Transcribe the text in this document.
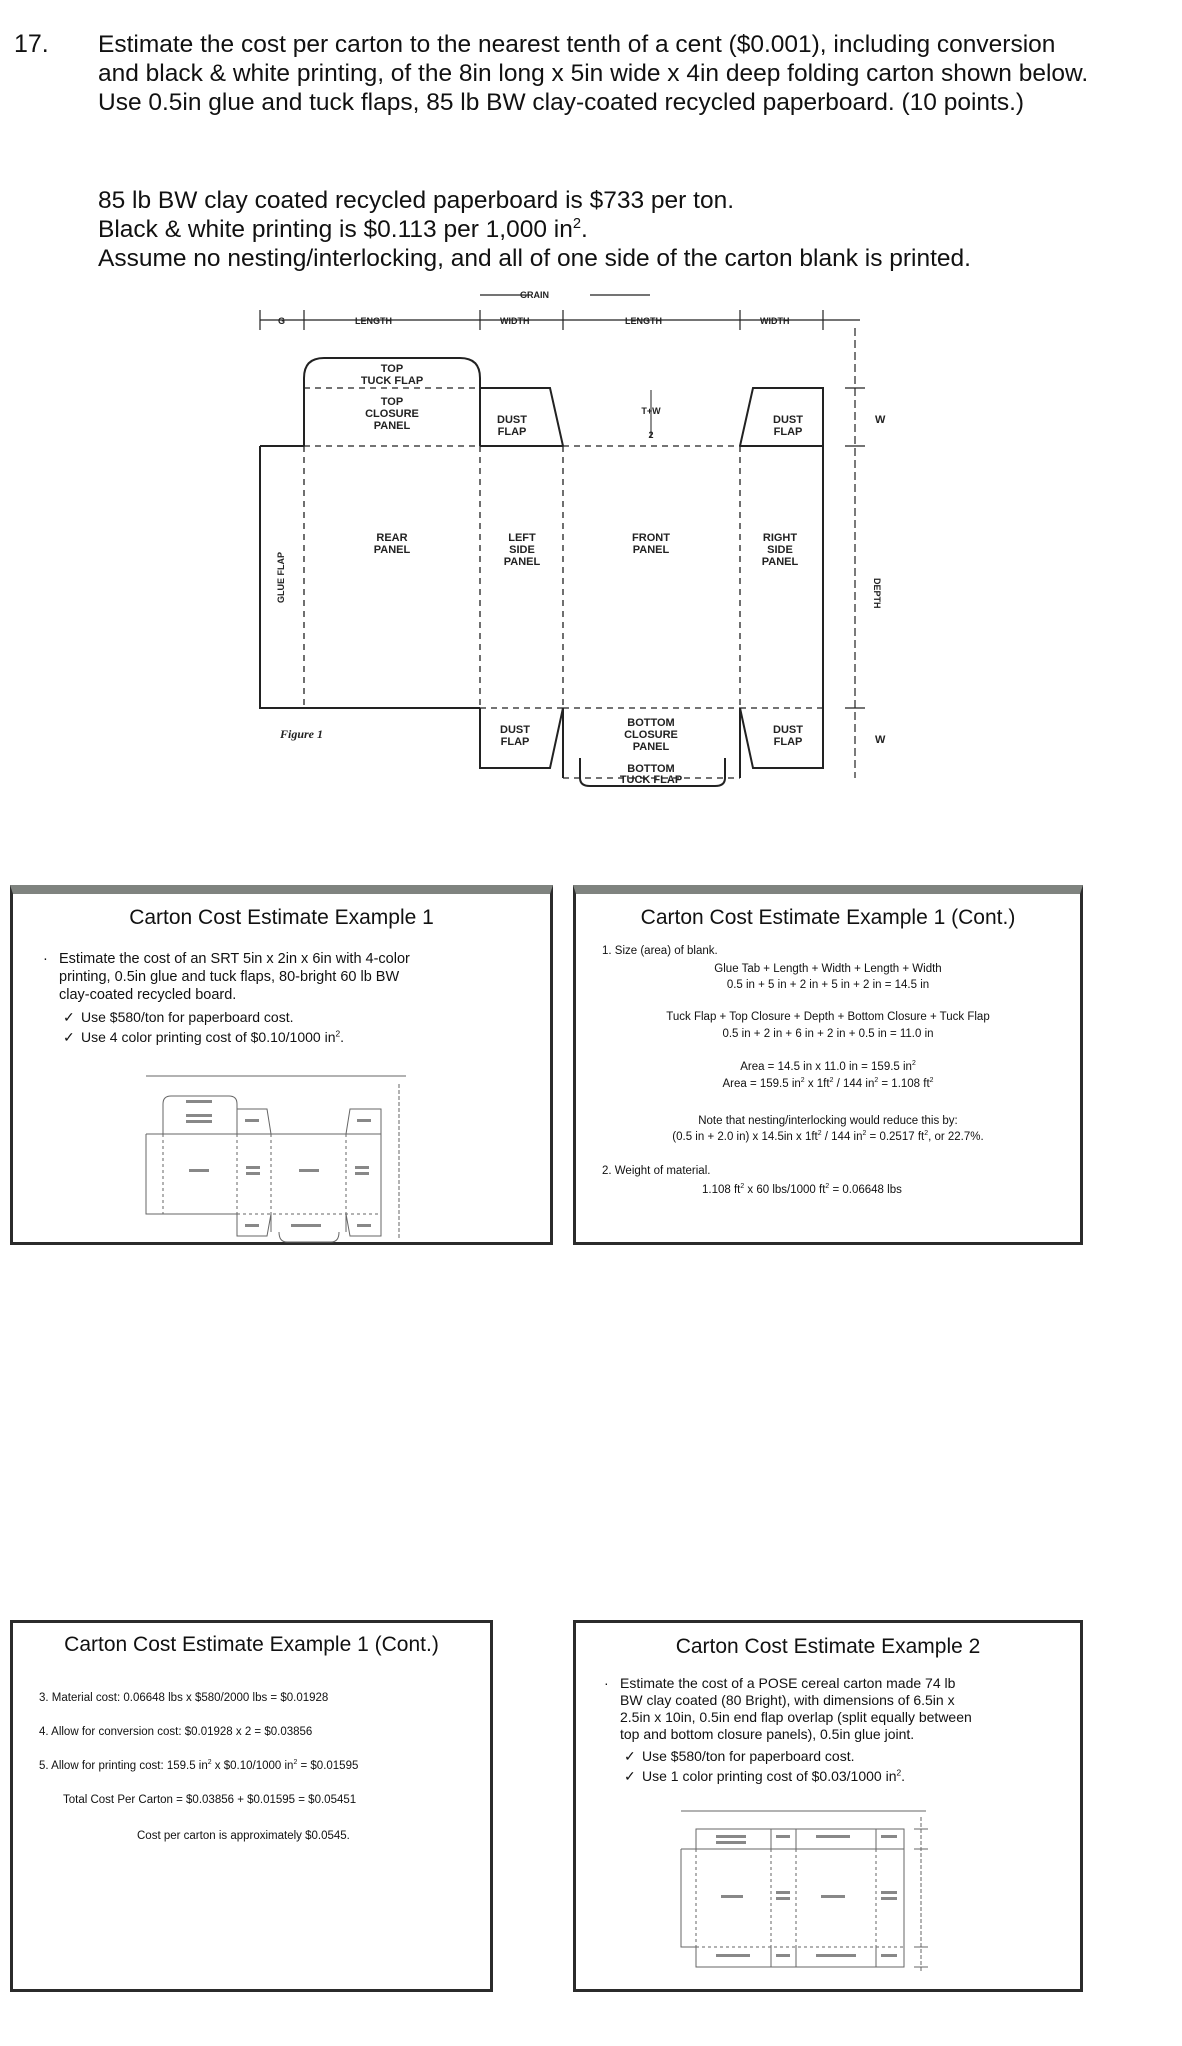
17. Estimate the cost per carton to the nearest tenth of a cent ($0.001), including conversion and black & white printing, of the 8in long x 5in wide x 4in deep folding carton shown below. Use 0.5in glue and tuck flaps, 85 lb BW clay-coated recycled paperboard. (10 points.)
85 lb BW clay coated recycled paperboard is $733 per ton.
Black & white printing is $0.113 per 1,000 $in^2$.
Assume no nesting/interlocking, and all of one side of the carton blank is printed.
GRAIN
G	LENGTH	WIDTH	LENGTH	WIDTH
TOP
TUCK FLAP
TOP
CLOSURE
PANEL	DUST
FLAP
T+W
2
DUST
FLAP
W
REAR
PANEL
LEFT
SIDE
PANEL
FRONT
PANEL
RIGHT
SIDE
PANEL
GLUE FLAP	DEPTH
Figure 1	DUST
FLAP
BOTTOM
CLOSURE
PANEL
DUST
FLAP	W
BOTTOM
TUCK FLAP
Carton Cost Estimate Example 1
· Estimate the cost of an SRT 5in x 2in x 6in with 4-color
printing, 0.5in glue and tuck flaps, 80-bright 60 lb BW
clay-coated recycled board.
✓ Use $580/ton for paperboard cost.
✓ Use 4 color printing cost of $0.10/1000 $in^2$.
Carton Cost Estimate Example 1 (Cont.)
1. Size (area) of blank.
Glue Tab + Length + Width + Length + Width
0.5 in + 5 in + 2 in + 5 in + 2 in = 14.5 in
Tuck Flap + Top Closure + Depth + Bottom Closure + Tuck Flap
0.5 in + 2 in + 6 in + 2 in + 0.5 in = 11.0 in
Area = 14.5 in x 11.0 in = 159.5 $in^2$
Area = 159.5 $in^2$ x $1ft^2 / 144$ $in^2 = 1.108$ $ft^2$
Note that nesting/interlocking would reduce this by:
(0.5 in + 2.0 in) x 14.5in x $1ft^2 / 144$ $in^2 = 0.2517$ $ft^2$, or 22.7%.
2. Weight of material.
1.108 $ft^2$ x 60 lbs/1000 $ft^2 = 0.06648$ lbs
Carton Cost Estimate Example 1 (Cont.)
3. Material cost: 0.06648 lbs x $580/2000 lbs = $0.01928
4. Allow for conversion cost: $0.01928 x 2 = $0.03856
5. Allow for printing cost: 159.5 $in^2$ x $0.10/1000 $in^2$ = $0.01595
Total Cost Per Carton = $0.03856 + $0.01595 = $0.05451
Cost per carton is approximately $0.0545.
Carton Cost Estimate Example 2
· Estimate the cost of a POSE cereal carton made 74 lb
BW clay coated (80 Bright), with dimensions of 6.5in x
2.5in x 10in, 0.5in end flap overlap (split equally between
top and bottom closure panels), 0.5in glue joint.
✓ Use $580/ton for paperboard cost.
✓ Use 1 color printing cost of $0.03/1000 $in^2$.
